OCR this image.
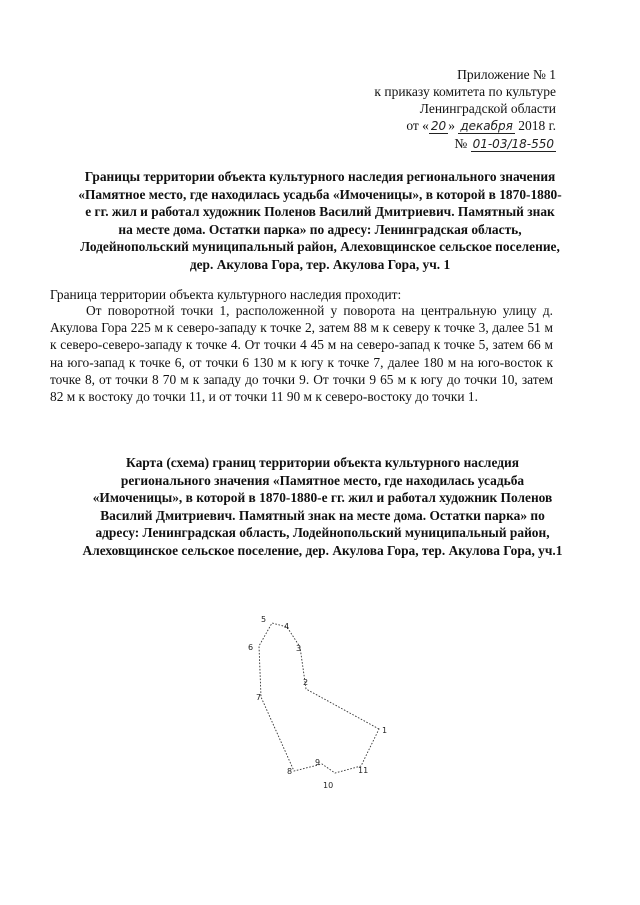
Приложение № 1
к приказу комитета по культуре
Ленинградской области
от « 20 » декабря 2018 г.
№ 01-03/18-550
Границы территории объекта культурного наследия регионального значения
«Памятное место, где находилась усадьба «Имоченицы», в которой в 1870-1880-
е гг. жил и работал художник Поленов Василий Дмитриевич. Памятный знак
на месте дома. Остатки парка» по адресу: Ленинградская область,
Лодейнопольский муниципальный район, Алеховщинское сельское поселение,
дер. Акулова Гора, тер. Акулова Гора, уч. 1
Граница территории объекта культурного наследия проходит:

От поворотной точки 1, расположенной у поворота на центральную улицу д. Акулова Гора 225 м к северо-западу к точке 2, затем 88 м к северу к точке 3, далее 51 м к северо-северо-западу к точке 4. От точки 4 45 м на северо-запад к точке 5, затем 66 м на юго-запад к точке 6, от точки 6 130 м к югу к точке 7, далее 180 м на юго-восток к точке 8, от точки 8 70 м к западу до точки 9. От точки 9 65 м к югу до точки 10, затем 82 м к востоку до точки 11, и от точки 11 90 м к северо-востоку до точки 1.

Карта (схема) границ территории объекта культурного наследия
регионального значения «Памятное место, где находилась усадьба
«Имоченицы», в которой в 1870-1880-е гг. жил и работал художник Поленов
Василий Дмитриевич. Памятный знак на месте дома. Остатки парка» по
адресу: Ленинградская область, Лодейнопольский муниципальный район,
Алеховщинское сельское поселение, дер. Акулова Гора, тер. Акулова Гора, уч.1
1
2
3
4
5
6
7
8
9
10
11
